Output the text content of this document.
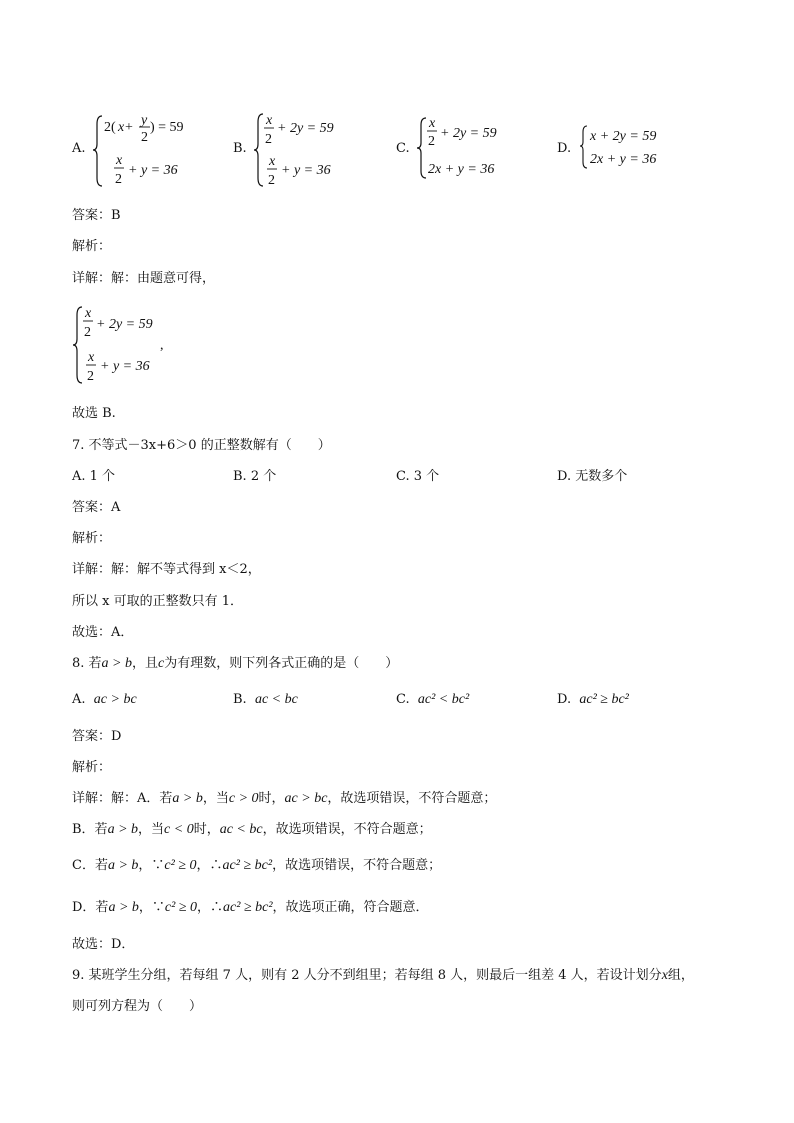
A.
2( x + y
2
) = 59
x
2
+ y = 36
B.
x
2
+ 2y = 59
x
2
+ y = 36
C.
x
2
+ 2y = 59
2x + y = 36
D.
x + 2y = 59
2x + y = 36
答案：B
解析：
详解：解：由题意可得，
x
2
+ 2y = 59
x
2
+ y = 36
,
故选 B.
7. 不等式－3x+6＞0 的正整数解有（　　）
A. 1 个	B. 2 个	C. 3 个	D. 无数多个
答案：A
解析：
详解：解：解不等式得到 x＜2，
所以 x 可取的正整数只有 1．
故选：A．
8. 若a > b，且c为有理数，则下列各式正确的是（　　）
A. ac > bc	B. ac < bc	C. ac² < bc²	D. ac² ≥ bc²
答案：D
解析：
详解：解：A．若a > b，当c > 0时，ac > bc，故选项错误，不符合题意；
B．若a > b，当c < 0时，ac < bc，故选项错误，不符合题意；
C．若a > b，∵c² ≥ 0，∴ac² ≥ bc²，故选项错误，不符合题意；
D．若a > b，∵c² ≥ 0，∴ac² ≥ bc²，故选项正确，符合题意．
故选：D．
9. 某班学生分组，若每组 7 人，则有 2 人分不到组里；若每组 8 人，则最后一组差 4 人，若设计划分x组，
则可列方程为（　　）
